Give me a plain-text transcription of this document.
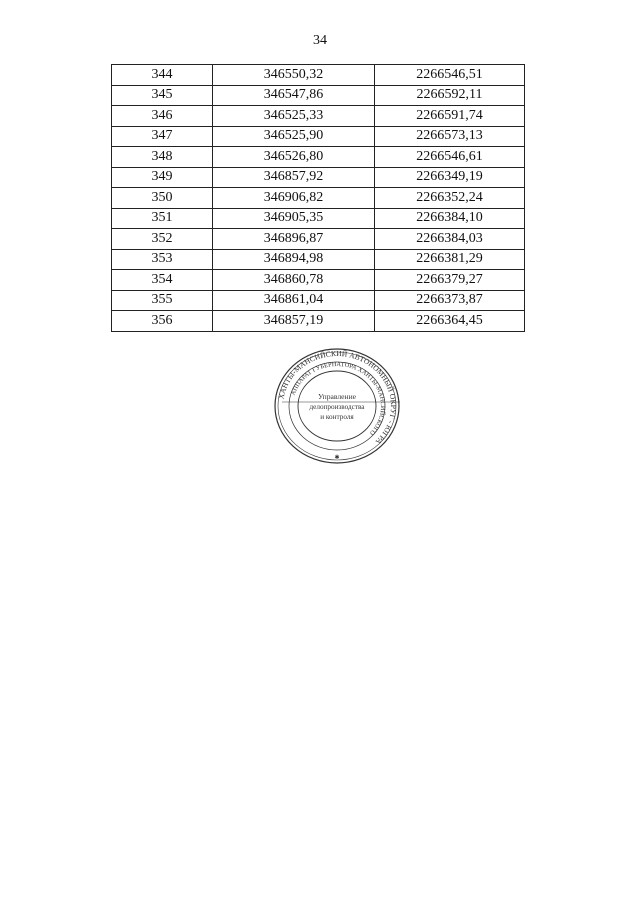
34
344	346550,32	2266546,51
345	346547,86	2266592,11
346	346525,33	2266591,74
347	346525,90	2266573,13
348	346526,80	2266546,61
349	346857,92	2266349,19
350	346906,82	2266352,24
351	346905,35	2266384,10
352	346896,87	2266384,03
353	346894,98	2266381,29
354	346860,78	2266379,27
355	346861,04	2266373,87
356	346857,19	2266364,45
ХАНТЫ-МАНСИЙСКИЙ АВТОНОМНЫЙ ОКРУГ - ЮГРА
АППАРАТ ГУБЕРНАТОРА ХАНТЫ-МАНСИЙСКОГО
Управление
делопроизводства
и контроля
✱
